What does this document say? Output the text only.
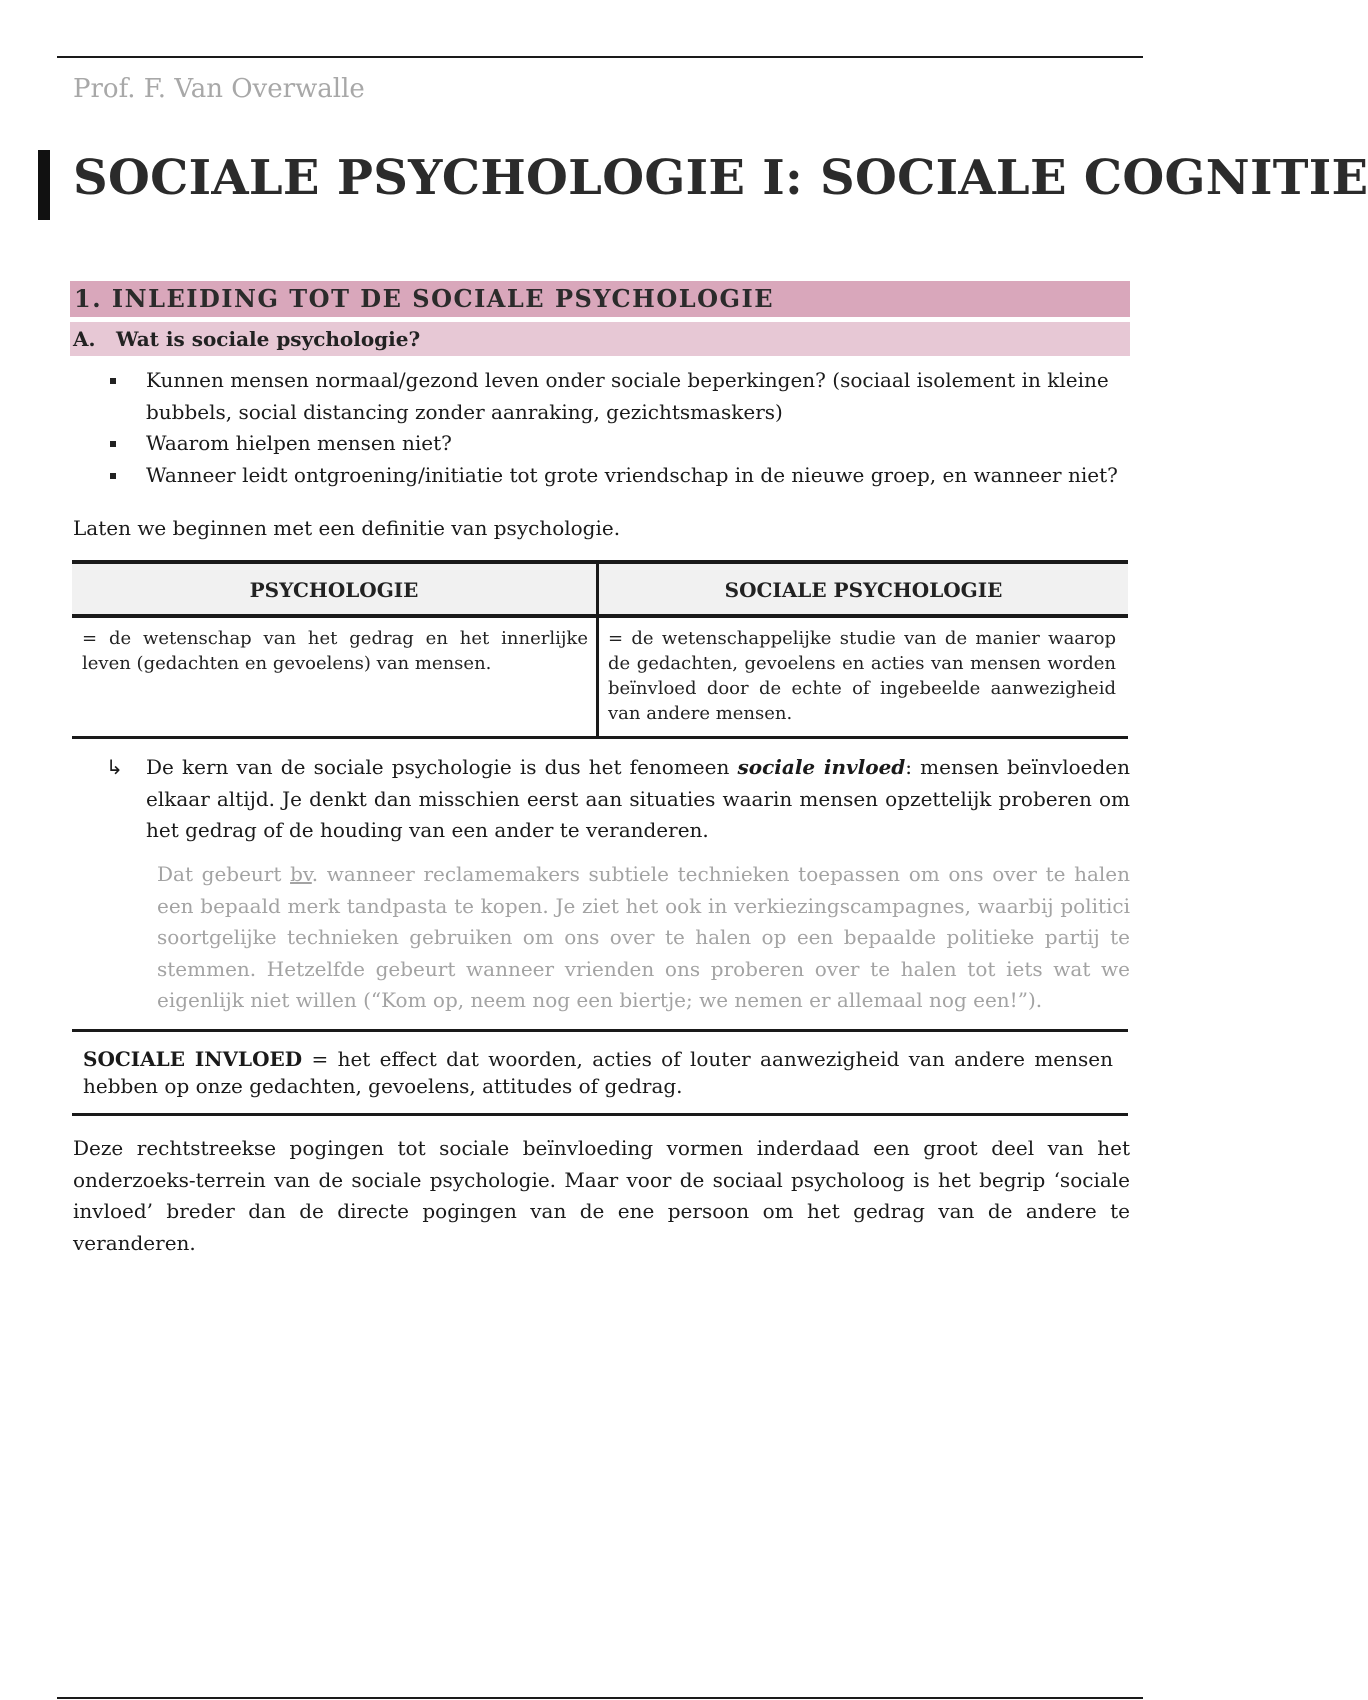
Prof. F. Van Overwalle
SOCIALE PSYCHOLOGIE I: SOCIALE COGNITIE
1. INLEIDING TOT DE SOCIALE PSYCHOLOGIE
A. Wat is sociale psychologie?
Kunnen mensen normaal/gezond leven onder sociale beperkingen? (sociaal isolement in kleine bubbels, social distancing zonder aanraking, gezichtsmaskers)
Waarom hielpen mensen niet?
Wanneer leidt ontgroening/initiatie tot grote vriendschap in de nieuwe groep, en wanneer niet?
Laten we beginnen met een definitie van psychologie.
PSYCHOLOGIE	SOCIALE PSYCHOLOGIE
= de wetenschap van het gedrag en het innerlijke leven (gedachten en gevoelens) van mensen.
= de wetenschappelijke studie van de manier waarop de gedachten, gevoelens en acties van mensen worden beïnvloed door de echte of ingebeelde aanwezigheid van andere mensen.
↳ De kern van de sociale psychologie is dus het fenomeen sociale invloed: mensen beïnvloeden elkaar altijd. Je denkt dan misschien eerst aan situaties waarin mensen opzettelijk proberen om het gedrag of de houding van een ander te veranderen.
Dat gebeurt bv. wanneer reclamemakers subtiele technieken toepassen om ons over te halen een bepaald merk tandpasta te kopen. Je ziet het ook in verkiezingscampagnes, waarbij politici soortgelijke technieken gebruiken om ons over te halen op een bepaalde politieke partij te stemmen. Hetzelfde gebeurt wanneer vrienden ons proberen over te halen tot iets wat we eigenlijk niet willen (“Kom op, neem nog een biertje; we nemen er allemaal nog een!”).
SOCIALE INVLOED = het effect dat woorden, acties of louter aanwezigheid van andere mensen hebben op onze gedachten, gevoelens, attitudes of gedrag.
Deze rechtstreekse pogingen tot sociale beïnvloeding vormen inderdaad een groot deel van het onderzoeks-terrein van de sociale psychologie. Maar voor de sociaal psycholoog is het begrip ‘sociale invloed’ breder dan de directe pogingen van de ene persoon om het gedrag van de andere te veranderen.
